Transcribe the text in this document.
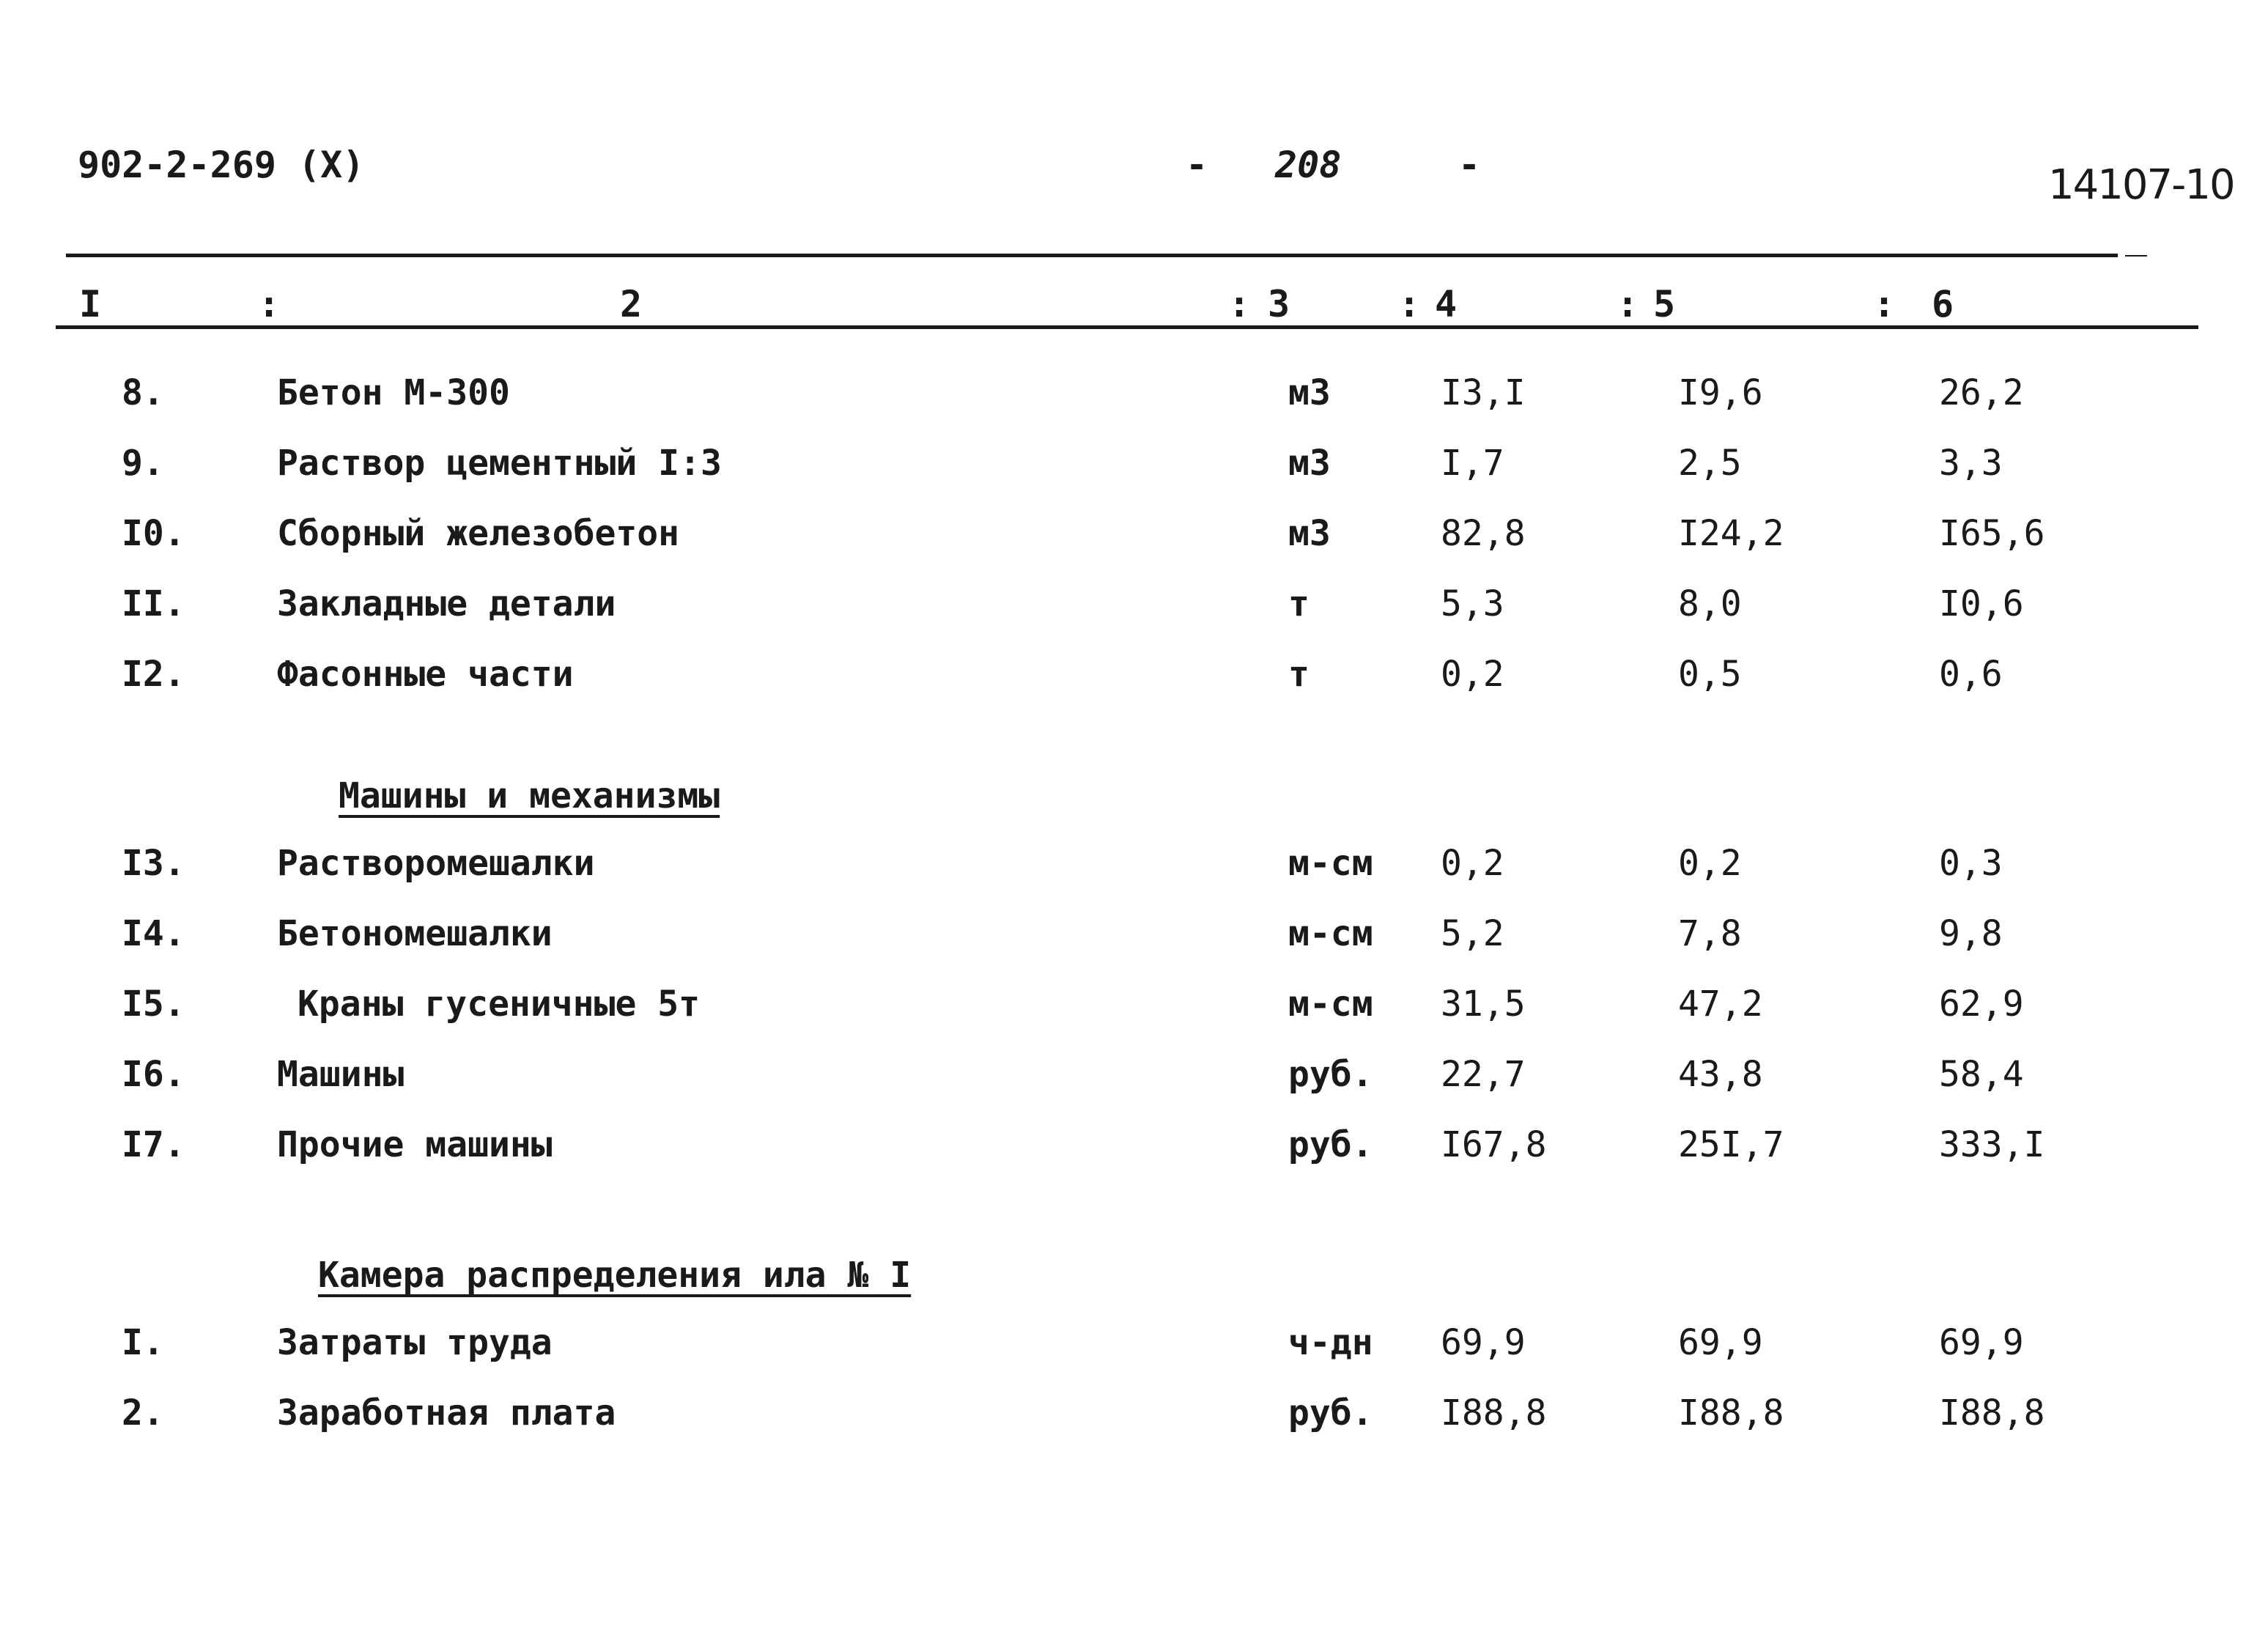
902-2-269 (X)	- 208	-	14107-10
I	:	2	: 3	: 4	: 5	: 6
8.	Бетон М-300	м3	I3,I	I9,6	26,2
9.	Раствор цементный I:3	м3	I,7	2,5	3,3
I0.	Сборный железобетон	м3	82,8	I24,2	I65,6
II.	Закладные детали	т	5,3	8,0	I0,6
I2.	Фасонные части	т	0,2	0,5	0,6
Машины и механизмы
I3.	Растворомешалки	м-см 0,2	0,2	0,3
I4.	Бетономешалки	м-см 5,2	7,8	9,8
I5.	Краны гусеничные 5т	м-см 31,5	47,2	62,9
I6.	Машины	руб. 22,7	43,8	58,4
I7.	Прочие машины	руб. I67,8	25I,7	333,I
Камера распределения ила № I
I.	Затраты труда	ч-дн 69,9	69,9	69,9
2.	Заработная плата	руб. I88,8	I88,8	I88,8
